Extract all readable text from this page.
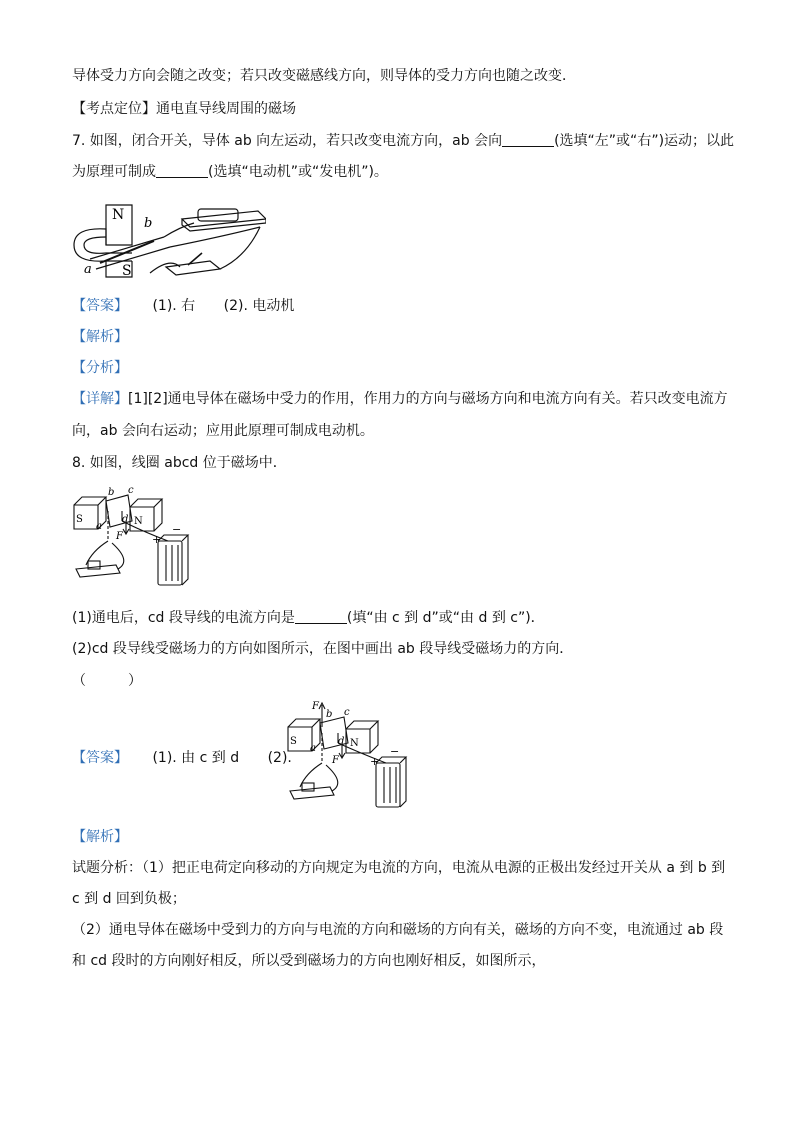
导体受力方向会随之改变；若只改变磁感线方向，则导体的受力方向也随之改变．
【考点定位】通电直导线周围的磁场
7. 如图，闭合开关，导体 ab 向左运动，若只改变电流方向，ab 会向	(选填“左”或“右”)运动；以此
为原理可制成	(选填“电动机”或“发电机”)。
N
S
a
b
【答案】 (1). 右 (2). 电动机
【解析】
【分析】
【详解】[1][2]通电导体在磁场中受力的作用，作用力的方向与磁场方向和电流方向有关。若只改变电流方
向，ab 会向右运动；应用此原理可制成电动机。
8. 如图，线圈 abcd 位于磁场中．
S	N
a
b c
d
F	+
−
(1)通电后，cd 段导线的电流方向是	(填“由 c 到 d”或“由 d 到 c”)．
(2)cd 段导线受磁场力的方向如图所示，在图中画出 ab 段导线受磁场力的方向．
（　　　）
【答案】 (1). 由 c 到 d (2).
S	N
a
b c
d
F
F	+
−
【解析】
试题分析：（1）把正电荷定向移动的方向规定为电流的方向，电流从电源的正极出发经过开关从 a 到 b 到
c 到 d 回到负极；
（2）通电导体在磁场中受到力的方向与电流的方向和磁场的方向有关，磁场的方向不变，电流通过 ab 段
和 cd 段时的方向刚好相反，所以受到磁场力的方向也刚好相反，如图所示，
